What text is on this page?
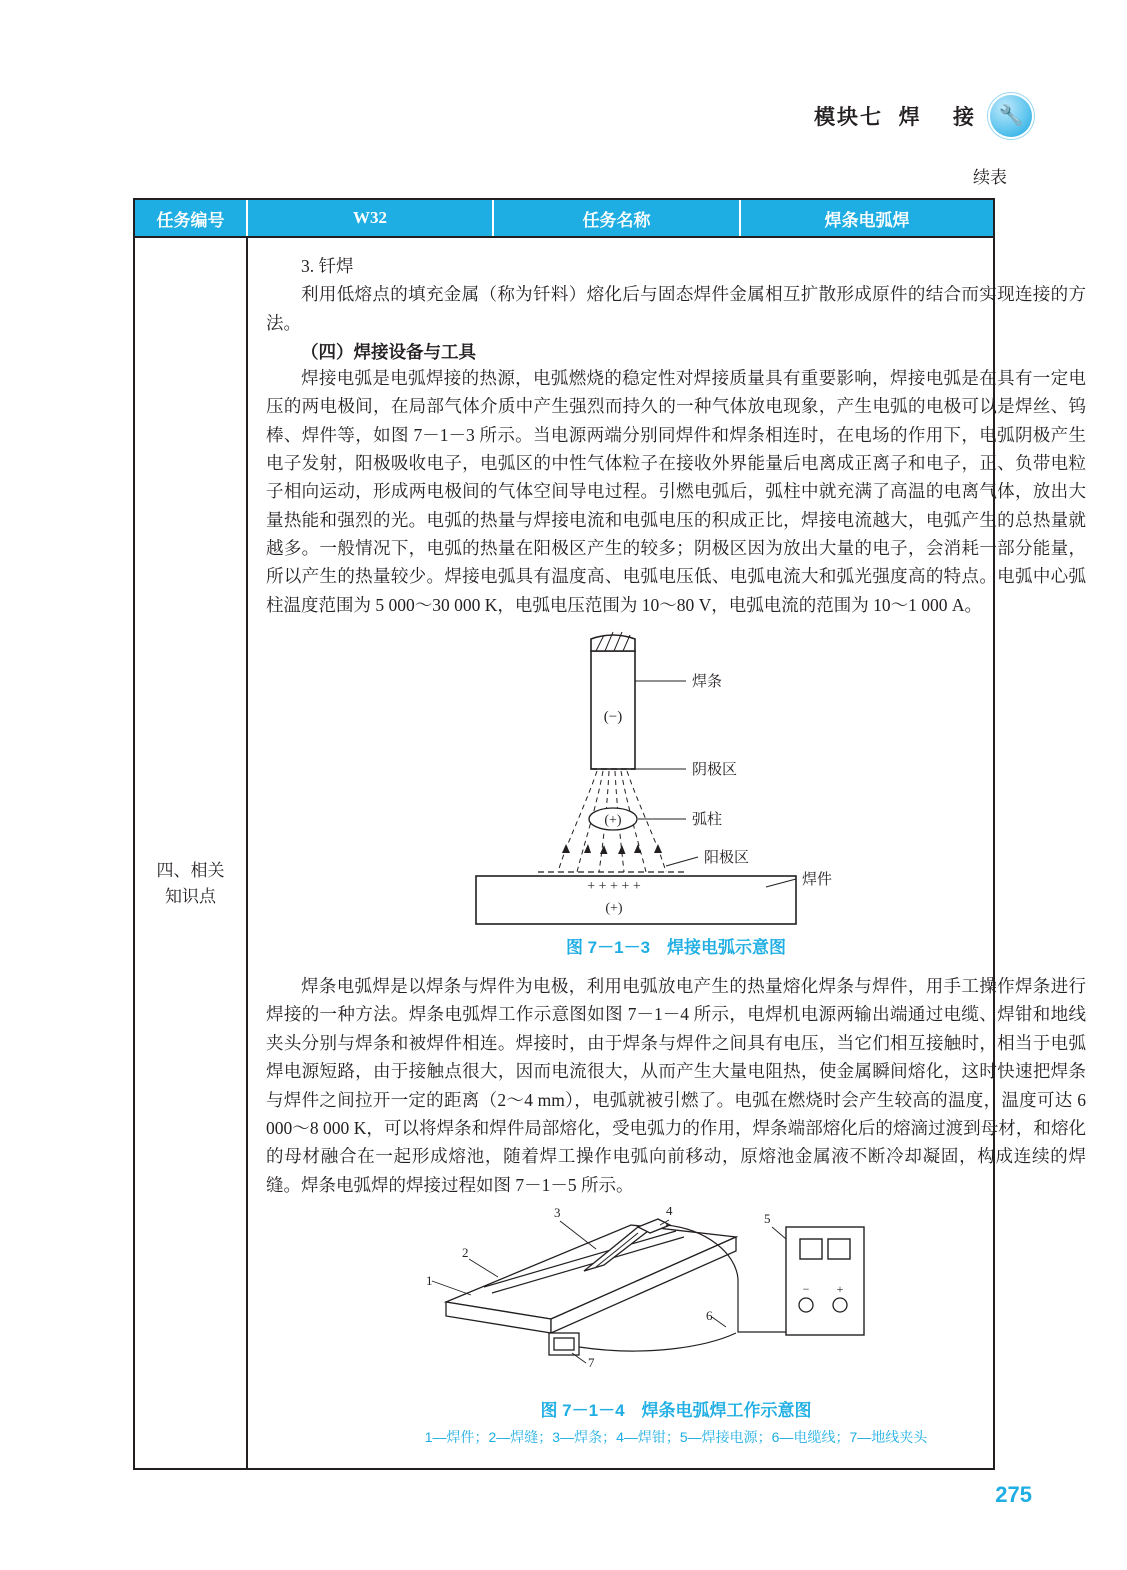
模块七  焊    接 🔧
续表
任务编号	W32	任务名称	焊条电弧焊
四、相关
知识点

3. 钎焊

利用低熔点的填充金属（称为钎料）熔化后与固态焊件金属相互扩散形成原件的结合而实现连接的方法。

（四）焊接设备与工具

焊接电弧是电弧焊接的热源，电弧燃烧的稳定性对焊接质量具有重要影响，焊接电弧是在具有一定电压的两电极间，在局部气体介质中产生强烈而持久的一种气体放电现象，产生电弧的电极可以是焊丝、钨棒、焊件等，如图 7－1－3 所示。当电源两端分别同焊件和焊条相连时，在电场的作用下，电弧阴极产生电子发射，阳极吸收电子，电弧区的中性气体粒子在接收外界能量后电离成正离子和电子，正、负带电粒子相向运动，形成两电极间的气体空间导电过程。引燃电弧后，弧柱中就充满了高温的电离气体，放出大量热能和强烈的光。电弧的热量与焊接电流和电弧电压的积成正比，焊接电流越大，电弧产生的总热量就越多。一般情况下，电弧的热量在阳极区产生的较多；阴极区因为放出大量的电子，会消耗一部分能量，所以产生的热量较少。焊接电弧具有温度高、电弧电压低、电弧电流大和弧光强度高的特点。电弧中心弧柱温度范围为 5 000～30 000 K，电弧电压范围为 10～80 V，电弧电流的范围为 10～1 000 A。

(−)
(+)
+ + + + +
(+)
焊条
阴极区
弧柱
阳极区
焊件
图 7－1－3　焊接电弧示意图

焊条电弧焊是以焊条与焊件为电极，利用电弧放电产生的热量熔化焊条与焊件，用手工操作焊条进行焊接的一种方法。焊条电弧焊工作示意图如图 7－1－4 所示，电焊机电源两输出端通过电缆、焊钳和地线夹头分别与焊条和被焊件相连。焊接时，由于焊条与焊件之间具有电压，当它们相互接触时，相当于电弧焊电源短路，由于接触点很大，因而电流很大，从而产生大量电阻热，使金属瞬间熔化，这时快速把焊条与焊件之间拉开一定的距离（2～4 mm），电弧就被引燃了。电弧在燃烧时会产生较高的温度，温度可达 6 000～8 000 K，可以将焊条和焊件局部熔化，受电弧力的作用，焊条端部熔化后的熔滴过渡到母材，和熔化的母材融合在一起形成熔池，随着焊工操作电弧向前移动，原熔池金属液不断冷却凝固，构成连续的焊缝。焊条电弧焊的焊接过程如图 7－1－5 所示。

− +
1
2
3	4
5
6
7
图 7－1－4　焊条电弧焊工作示意图
1—焊件；2—焊缝；3—焊条；4—焊钳；5—焊接电源；6—电缆线；7—地线夹头
275
